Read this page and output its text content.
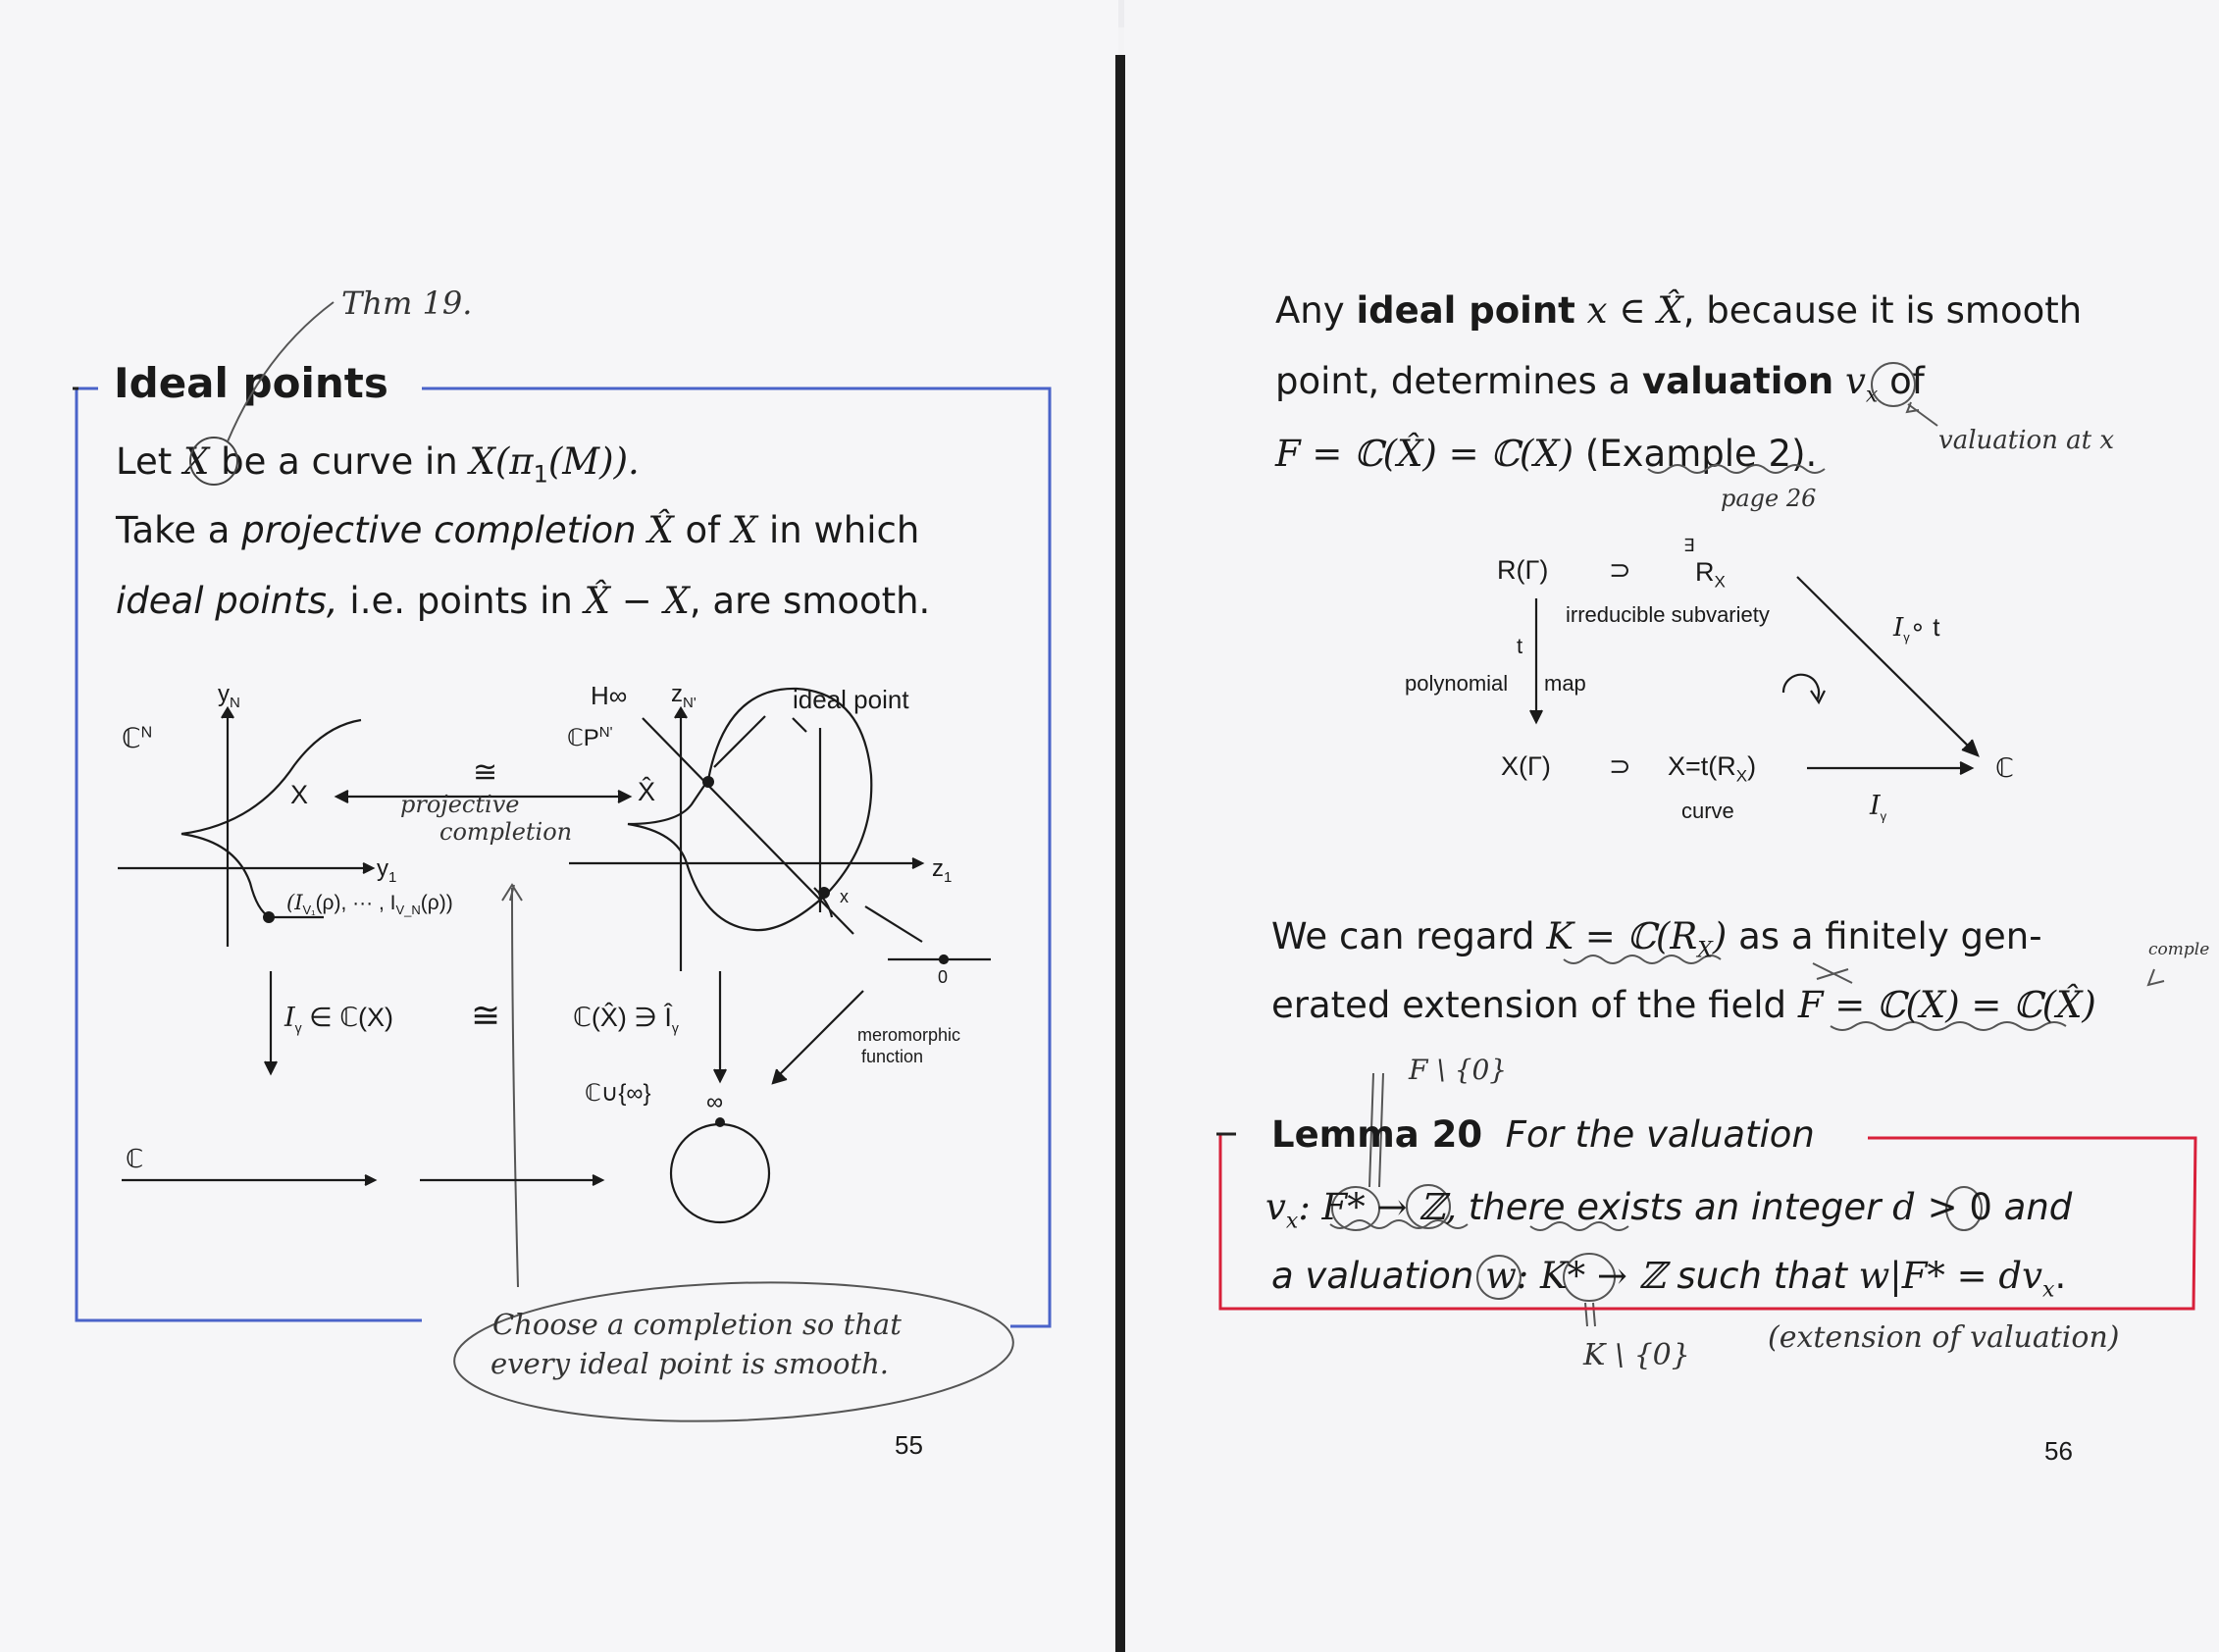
Ideal points
Let X be a curve in $X(\pi_1(M))$.
Take a projective completion X̂ of X in which
ideal points, i.e. points in X̂ − X, are smooth.
Thm 19.
ℂ$^N$
$y_N$
X
≅
X̂
H∞ $z_{N'}$
ℂP$^{N'}$
ideal point
$y_1$	$z_1$
($I_{V_1}(\rho)$, ··· , $I_{V\_N}(\rho)$)	x
0
$I_\gamma$ ∈ ℂ(X) ≅	ℂ(X̂) ∋ $Î_\gamma$	meromorphic
function
ℂ∪{∞} ∞
ℂ
projective
completion
Choose a completion so that
every ideal point is smooth.
55
Any ideal point x ∈ X̂, because it is smooth
point, determines a valuation $v_x$ of
F = ℂ(X̂) = ℂ(X) (Example 2).	valuation at x
page 26
R(Γ) ⊃
∃
$R_X$
irreducible subvariety
t
polynomial map
$I_\gamma\circ$ t
X(Γ) ⊃ $X=t(R_X)$	ℂ
curve	$I_\gamma$
We can regard $K = ℂ(R_X)$ as a finitely gen-
erated extension of the field F = ℂ(X) = ℂ(X̂)
comple
F \ {0}
Lemma 20 For the valuation
$v_x$: F* → ℤ, there exists an integer d > 0 and
a valuation w: K* → ℤ such that $w|F* = dv_x$.
K \ {0}
(extension of valuation)
56
